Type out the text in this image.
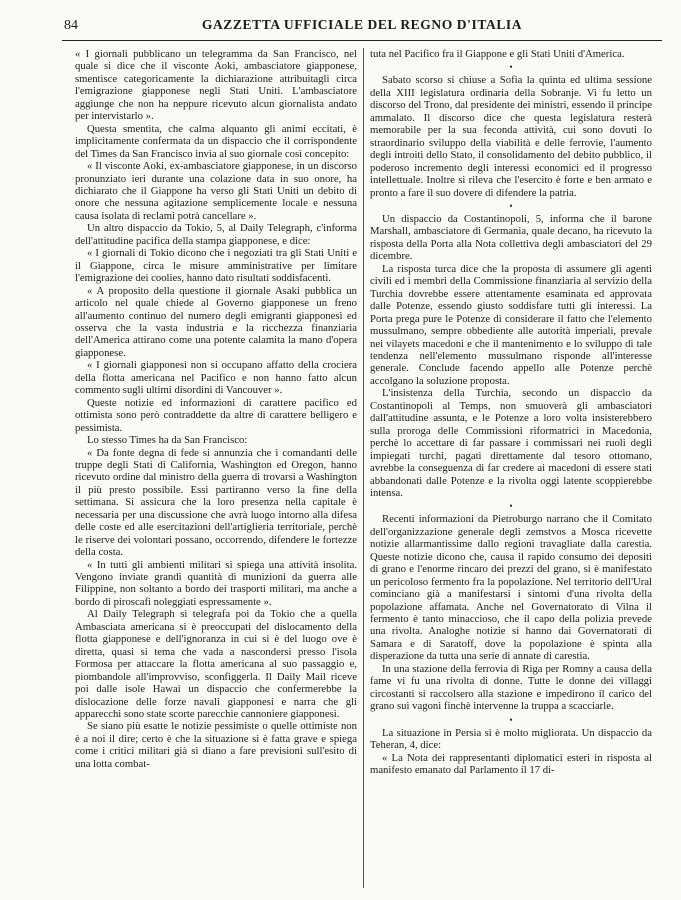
84	GAZZETTA UFFICIALE DEL REGNO D'ITALIA

« I giornali pubblicano un telegramma da San Francisco, nel quale si dice che il visconte Aoki, ambasciatore giapponese, smentisce categoricamente la dichiarazione attribuitagli circa l'emigrazione giapponese negli Stati Uniti. L'ambasciatore aggiunge che non ha neppure ricevuto alcun giornalista andato per intervistarlo ».

Questa smentita, che calma alquanto gli animi eccitati, è implicitamente confermata da un dispaccio che il corrispondente del Times da San Francisco invia al suo giornale così concepito:

« Il visconte Aoki, ex-ambasciatore giapponese, in un discorso pronunziato ieri durante una colazione data in suo onore, ha dichiarato che il Giappone ha verso gli Stati Uniti un debito di onore che nessuna agitazione semplicemente locale e nessuna causa isolata di reclami potrà cancellare ».

Un altro dispaccio da Tokio, 5, al Daily Telegraph, c'informa dell'attitudine pacifica della stampa giapponese, e dice:

« I giornali di Tokio dicono che i negoziati tra gli Stati Uniti e il Giappone, circa le misure amministrative per limitare l'emigrazione dei coolies, hanno dato risultati soddisfacenti.

« A proposito della questione il giornale Asaki pubblica un articolo nel quale chiede al Governo giapponese un freno all'aumento continuo del numero degli emigranti giapponesi ed osserva che la vasta industria e la ricchezza finanziaria dell'America attirano come una potente calamita la mano d'opera giapponese.

« I giornali giapponesi non si occupano affatto della crociera della flotta americana nel Pacifico e non hanno fatto alcun commento sugli ultimi disordini di Vancouver ».

Queste notizie ed informazioni di carattere pacifico ed ottimista sono però contraddette da altre di carattere belligero e pessimista.

Lo stesso Times ha da San Francisco:

« Da fonte degna di fede si annunzia che i comandanti delle truppe degli Stati di California, Washington ed Oregon, hanno ricevuto ordine dal ministro della guerra di trovarsi a Washington il più presto possibile. Essi partiranno verso la fine della settimana. Si assicura che la loro presenza nella capitale è necessaria per una discussione che avrà luogo intorno alla difesa delle coste ed alle esercitazioni dell'artiglieria territoriale, perchè le riserve dei volontari possano, occorrendo, difendere le fortezze della costa.

« In tutti gli ambienti militari si spiega una attività insolita. Vengono inviate grandi quantità di munizioni da guerra alle Filippine, non soltanto a bordo dei trasporti militari, ma anche a bordo di piroscafi noleggiati espressamente ».

Al Daily Telegraph si telegrafa poi da Tokio che a quella Ambasciata americana si è preoccupati del dislocamento della flotta giapponese e dell'ignoranza in cui si è del luogo ove è diretta, quasi si tema che vada a nascondersi presso l'isola Formosa per attaccare la flotta americana al suo passaggio e, piombandole all'improvviso, sconfiggerla. Il Daily Mail riceve poi dalle isole Hawai un dispaccio che confermerebbe la dislocazione delle forze navali giapponesi e narra che gli apparecchi sono state scorte parecchie cannoniere giapponesi.

Se siano più esatte le notizie pessimiste o quelle ottimiste non è a noi il dire; certo è che la situazione si è fatta grave e spiega come i critici militari già si diano a fare previsioni sull'esito di una lotta combat-

tuta nel Pacifico fra il Giappone e gli Stati Uniti d'America.

•

Sabato scorso si chiuse a Sofia la quinta ed ultima sessione della XIII legislatura ordinaria della Sobranje. Vi fu letto un discorso del Trono, dal presidente dei ministri, essendo il principe ammalato. Il discorso dice che questa legislatura resterà memorabile per la sua feconda attività, cui sono dovuti lo straordinario sviluppo della viabilità e delle ferrovie, l'aumento degli introiti dello Stato, il consolidamento del debito pubblico, il poderoso incremento degli interessi economici ed il progresso intellettuale. Inoltre si rileva che l'esercito è forte e ben armato e pronto a fare il suo dovere di difendere la patria.

•

Un dispaccio da Costantinopoli, 5, informa che il barone Marshall, ambasciatore di Germania, quale decano, ha ricevuto la risposta della Porta alla Nota collettiva degli ambasciatori del 29 dicembre.

La risposta turca dice che la proposta di assumere gli agenti civili ed i membri della Commissione finanziaria al servizio della Turchia dovrebbe essere attentamente esaminata ed approvata dalle Potenze, essendo giusto soddisfare tutti gli interessi. La Porta prega pure le Potenze di considerare il fatto che l'elemento mussulmano, sempre obbediente alle autorità imperiali, prevale nei vilayets macedoni e che il mantenimento e lo sviluppo di tale tendenza nell'elemento mussulmano risponde all'interesse generale. Conclude facendo appello alle Potenze perchè accolgano la soluzione proposta.

L'insistenza della Turchia, secondo un dispaccio da Costantinopoli al Temps, non smuoverà gli ambasciatori dall'attitudine assunta, e le Potenze a loro volta insisterebbero sulla proroga delle Commissioni riformatrici in Macedonia, perchè lo accettare di far passare i commissari nei ruoli degli impiegati turchi, pagati direttamente dal tesoro ottomano, avrebbe la conseguenza di far credere ai macedoni di essere stati abbandonati dalle Potenze e la rivolta oggi latente scoppierebbe intensa.

•

Recenti informazioni da Pietroburgo narrano che il Comitato dell'organizzazione generale degli zemstvos a Mosca ricevette notizie allarmantissime dallo regioni travagliate dalla carestia. Queste notizie dicono che, causa il rapido consumo dei depositi di grano e l'enorme rincaro dei prezzi del grano, si è manifestato un pericoloso fermento fra la popolazione. Nel territorio dell'Ural cominciano già a manifestarsi i sintomi d'una rivolta della popolazione affamata. Anche nel Governatorato di Vilna il fermento è tanto minaccioso, che il capo della polizia prevede una rivolta. Analoghe notizie si hanno dai Governatorati di Samara e di Saratoff, dove la popolazione è spinta alla disperazione da tutta una serie di annate di carestia.

In una stazione della ferrovia di Riga per Romny a causa della fame vi fu una rivolta di donne. Tutte le donne dei villaggi circostanti si raccolsero alla stazione e impedirono il carico del grano sui vagoni finchè intervenne la truppa a scacciarle.

•

La situazione in Persia si è molto migliorata. Un dispaccio da Teheran, 4, dice:

« La Nota dei rappresentanti diplomatici esteri in risposta al manifesto emanato dal Parlamento il 17 di-
